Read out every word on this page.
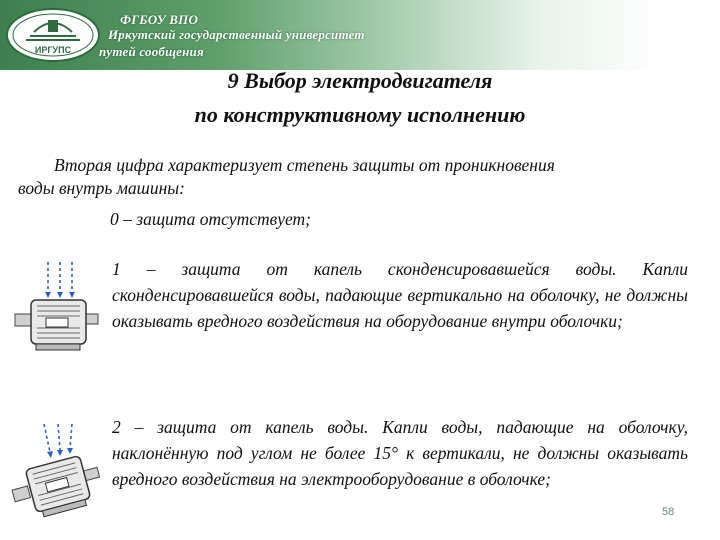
ИРГУПС
ФГБОУ ВПО
Иркутский государственный университет
путей сообщения
9 Выбор электродвигателя
по конструктивному исполнению
Вторая цифра характеризует степень защиты от проникновения
воды внутрь машины:
0 – защита отсутствует;
1 – защита от капель сконденсировавшейся воды. Капли сконденсировавшейся воды, падающие вертикально на оболочку, не должны оказывать вредного воздействия на оборудование внутри оболочки;
2 – защита от капель воды. Капли воды, падающие на оболочку, наклонённую под углом не более 15° к вертикали, не должны оказывать вредного воздействия на электрооборудование в оболочке;
58
